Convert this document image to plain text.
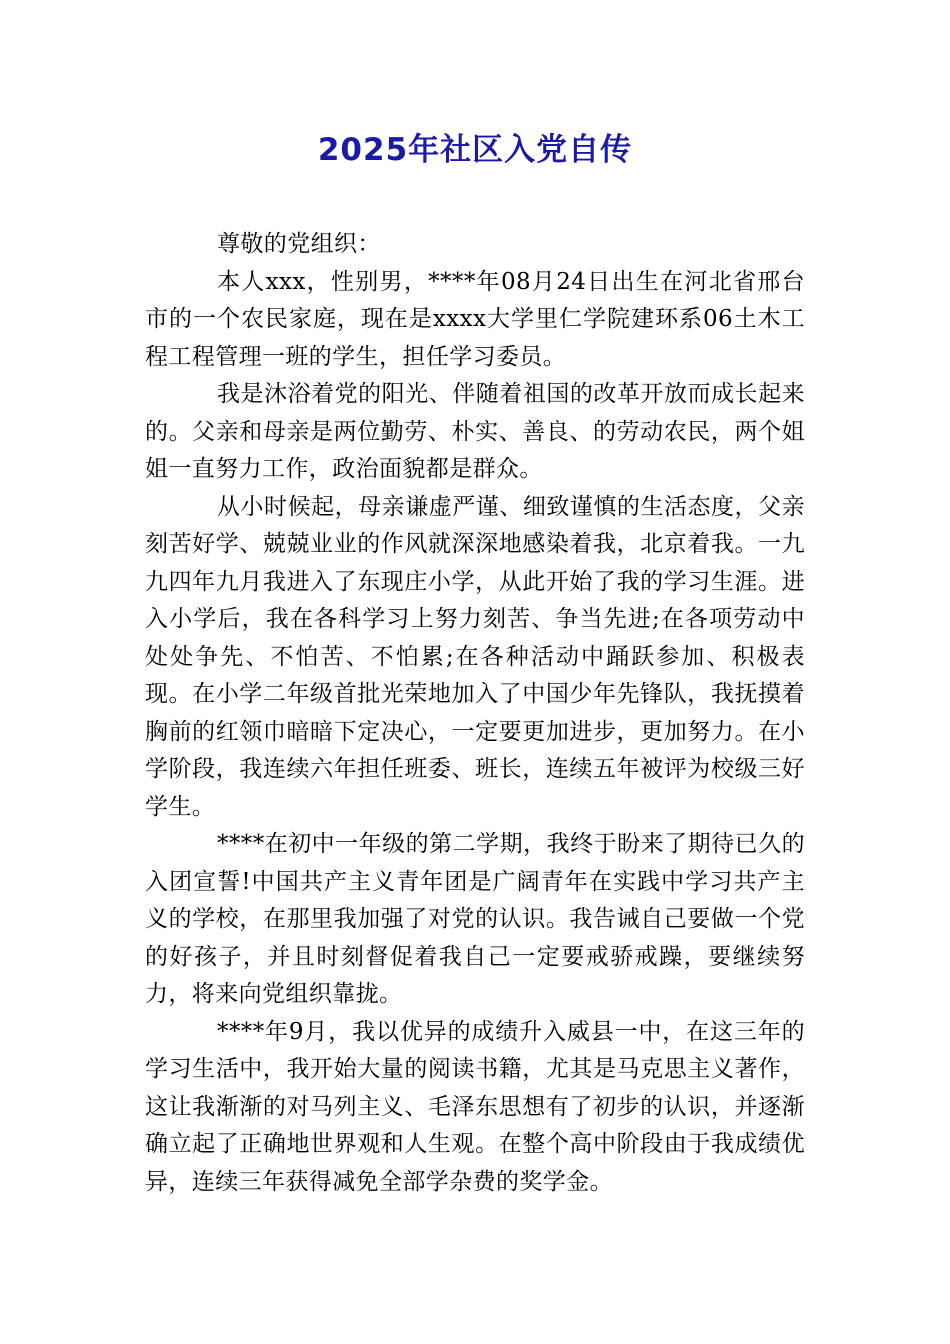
2025年社区入党自传

尊敬的党组织：

本人xxx，性别男，****年08月24日出生在河北省邢台市的一个农民家庭，现在是xxxx大学里仁学院建环系06土木工程工程管理一班的学生，担任学习委员。

我是沐浴着党的阳光、伴随着祖国的改革开放而成长起来的。父亲和母亲是两位勤劳、朴实、善良、的劳动农民，两个姐姐一直努力工作，政治面貌都是群众。

从小时候起，母亲谦虚严谨、细致谨慎的生活态度，父亲刻苦好学、兢兢业业的作风就深深地感染着我，北京着我。一九九四年九月我进入了东现庄小学，从此开始了我的学习生涯。进入小学后，我在各科学习上努力刻苦、争当先进;在各项劳动中处处争先、不怕苦、不怕累;在各种活动中踊跃参加、积极表现。在小学二年级首批光荣地加入了中国少年先锋队，我抚摸着胸前的红领巾暗暗下定决心，一定要更加进步，更加努力。在小学阶段，我连续六年担任班委、班长，连续五年被评为校级三好学生。

****在初中一年级的第二学期，我终于盼来了期待已久的入团宣誓!中国共产主义青年团是广阔青年在实践中学习共产主义的学校，在那里我加强了对党的认识。我告诫自己要做一个党的好孩子，并且时刻督促着我自己一定要戒骄戒躁，要继续努力，将来向党组织靠拢。

****年9月，我以优异的成绩升入威县一中，在这三年的学习生活中，我开始大量的阅读书籍，尤其是马克思主义著作，这让我渐渐的对马列主义、毛泽东思想有了初步的认识，并逐渐确立起了正确地世界观和人生观。在整个高中阶段由于我成绩优异，连续三年获得减免全部学杂费的奖学金。
